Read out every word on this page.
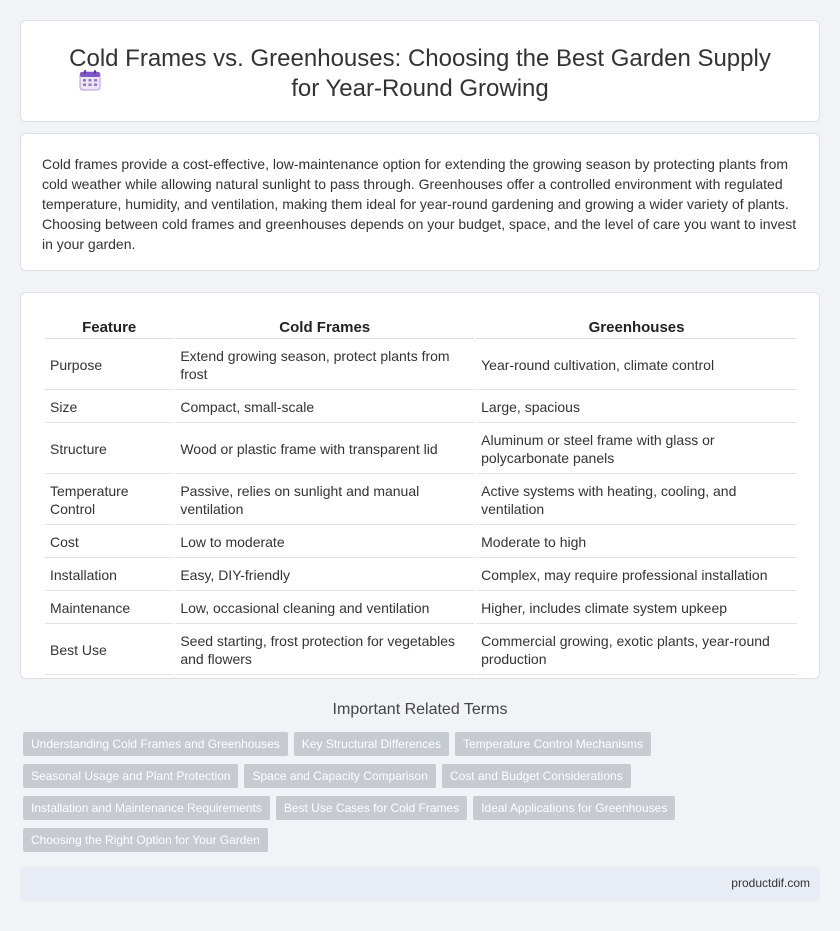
Cold Frames vs. Greenhouses: Choosing the Best Garden Supply for Year-Round Growing

Cold frames provide a cost-effective, low-maintenance option for extending the growing season by protecting plants from cold weather while allowing natural sunlight to pass through. Greenhouses offer a controlled environment with regulated temperature, humidity, and ventilation, making them ideal for year-round gardening and growing a wider variety of plants. Choosing between cold frames and greenhouses depends on your budget, space, and the level of care you want to invest in your garden.

Feature	Cold Frames	Greenhouses
Purpose	Extend growing season, protect plants from frost	Year-round cultivation, climate control
Size	Compact, small-scale	Large, spacious
Structure	Wood or plastic frame with transparent lid	Aluminum or steel frame with glass or polycarbonate panels
Temperature Control	Passive, relies on sunlight and manual ventilation	Active systems with heating, cooling, and ventilation
Cost	Low to moderate	Moderate to high
Installation	Easy, DIY-friendly	Complex, may require professional installation
Maintenance	Low, occasional cleaning and ventilation	Higher, includes climate system upkeep
Best Use	Seed starting, frost protection for vegetables and flowers	Commercial growing, exotic plants, year-round production
Important Related Terms
Understanding Cold Frames and Greenhouses	Key Structural Differences	Temperature Control Mechanisms
Seasonal Usage and Plant Protection	Space and Capacity Comparison	Cost and Budget Considerations
Installation and Maintenance Requirements	Best Use Cases for Cold Frames	Ideal Applications for Greenhouses
Choosing the Right Option for Your Garden
productdif.com
